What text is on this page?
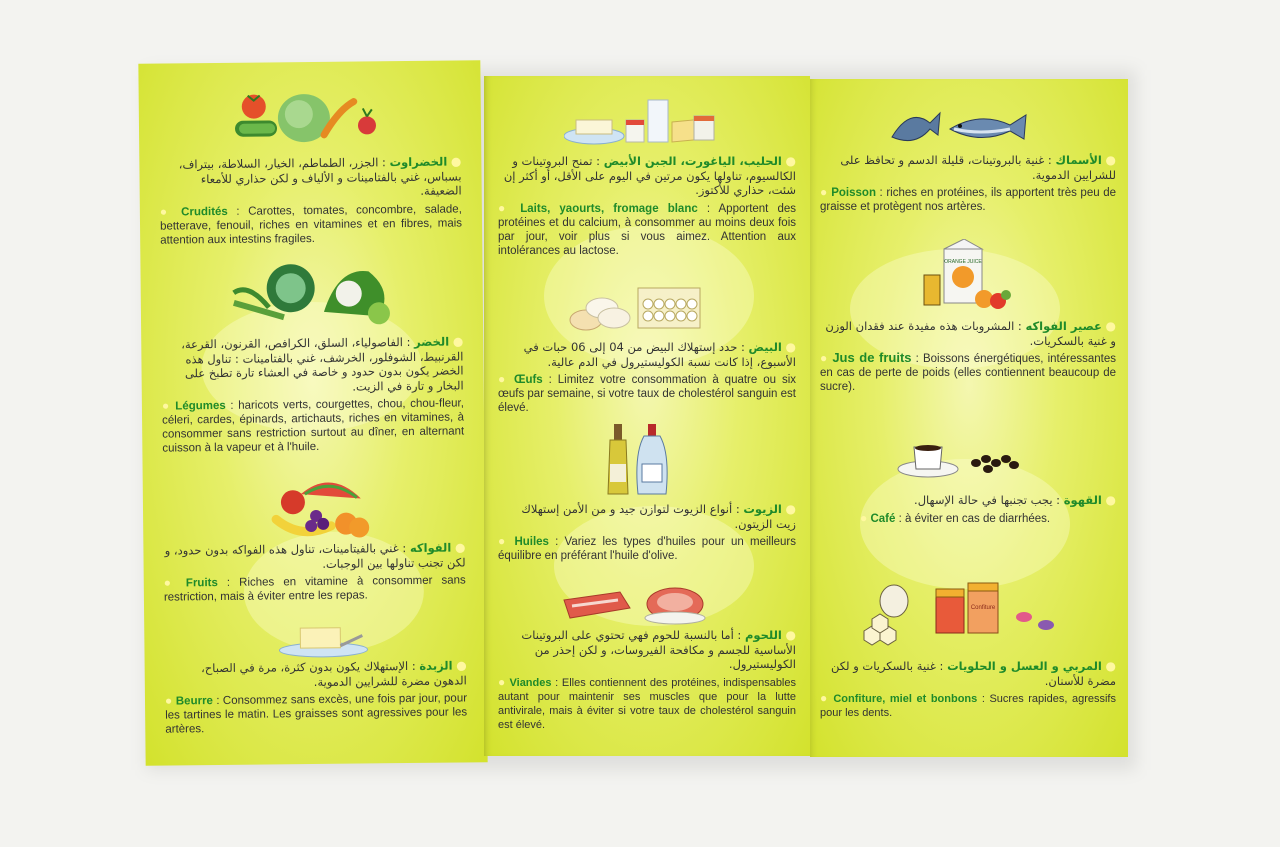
● الخضراوت : الجزر، الطماطم، الخيار، السلاطة، بيتراف، بسباس، غني بالفتامينات و الألياف و لكن حذاري للأمعاء الضعيفة.

● Crudités : Carottes, tomates, concombre, salade, betterave, fenouil, riches en vitamines et en fibres, mais attention aux intestins fragiles.

● الخضر : الفاصولياء، السلق، الكرافص، القرنون، القرعة، القرنبيط، الشوفلور، الخرشف، غني بالفتامينات : تناول هذه الخضر يكون بدون حدود و خاصة في العشاء تارة تطبخ على البخار و تارة في الزيت.

● Légumes : haricots verts, courgettes, chou, chou-fleur, céleri, cardes, épinards, artichauts, riches en vitamines, à consommer sans restriction surtout au dîner, en alternant cuisson à la vapeur et à l'huile.

● الفواكه : غني بالفيتامينات، تناول هذه الفواكه بدون حدود، و لكن تجنب تناولها بين الوجبات.

● Fruits : Riches en vitamine à consommer sans restriction, mais à éviter entre les repas.

● الزبدة : الإستهلاك يكون بدون كثرة، مرة في الصباح، الدهون مضرة للشرايين الدموية.

● Beurre : Consommez sans excès, une fois par jour, pour les tartines le matin. Les graisses sont agressives pour les artères.

● الحليب، الياغورت، الجبن الأبيض : تمنح البروتينات و الكالسيوم، تناولها يكون مرتين في اليوم على الأقل، أو أكثر إن شئت، حذاري للأكتوز.

● Laits, yaourts, fromage blanc : Apportent des protéines et du calcium, à consommer au moins deux fois par jour, voir plus si vous aimez. Attention aux intolérances au lactose.

● البيض : حدد إستهلاك البيض من 04 إلى 06 حبات في الأسبوع، إذا كانت نسبة الكوليستيرول في الدم عالية.

● Œufs : Limitez votre consommation à quatre ou six œufs par semaine, si votre taux de cholestérol sanguin est élevé.

● الزيوت : أنواع الزيوت لتوازن جيد و من الأمن إستهلاك زيت الزيتون.

● Huiles : Variez les types d'huiles pour un meilleurs équilibre en préférant l'huile d'olive.

● اللحوم : أما بالنسبة للحوم فهي تحتوي على البروتينات الأساسية للجسم و مكافحة الفيروسات، و لكن إحذر من الكوليستيرول.

● Viandes : Elles contiennent des protéines, indispensables autant pour maintenir ses muscles que pour la lutte antivirale, mais à éviter si votre taux de cholestérol sanguin est élevé.

● الأسماك : غنية بالبروتينات، قليلة الدسم و تحافظ على للشرايين الدموية.

● Poisson : riches en protéines, ils apportent très peu de graisse et protègent nos artères.

ORANGE JUICE

● عصير الفواكه : المشروبات هذه مفيدة عند فقدان الوزن و غنية بالسكريات.

● Jus de fruits : Boissons énergétiques, intéressantes en cas de perte de poids (elles contiennent beaucoup de sucre).

● القهوة : يجب تجنبها في حالة الإسهال.

● Café : à éviter en cas de diarrhées.

Confiture

● المربي و العسل و الحلويات : غنية بالسكريات و لكن مضرة للأسنان.

● Confiture, miel et bonbons : Sucres rapides, agressifs pour les dents.
